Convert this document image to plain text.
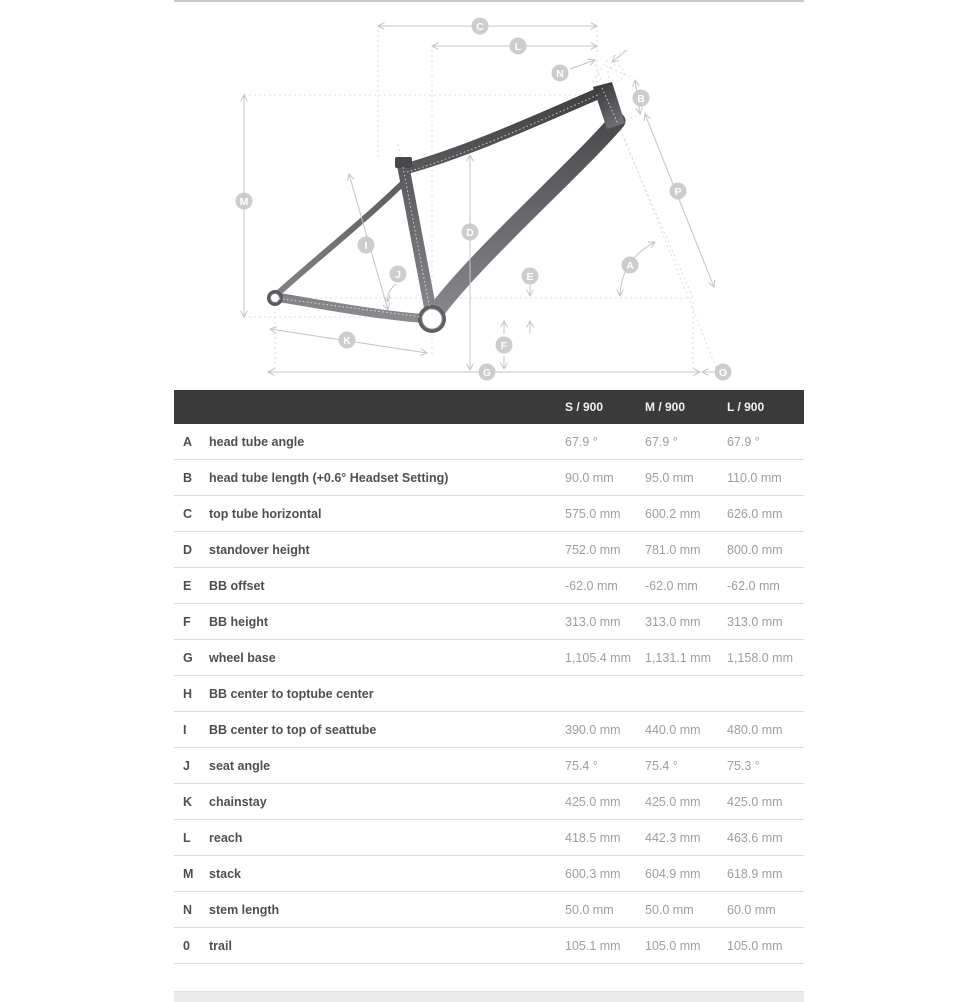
C
L
N
B
M
P
D
I
J	E
A
K	F
G	O
		S / 900	M / 900	L / 900
A	head tube angle	67.9 °	67.9 °	67.9 °
B	head tube length (+0.6° Headset Setting)	90.0 mm	95.0 mm	110.0 mm
C	top tube horizontal	575.0 mm	600.2 mm	626.0 mm
D	standover height	752.0 mm	781.0 mm	800.0 mm
E	BB offset	-62.0 mm	-62.0 mm	-62.0 mm
F	BB height	313.0 mm	313.0 mm	313.0 mm
G	wheel base	1,105.4 mm	1,131.1 mm	1,158.0 mm
H	BB center to toptube center			
I	BB center to top of seattube	390.0 mm	440.0 mm	480.0 mm
J	seat angle	75.4 °	75.4 °	75.3 °
K	chainstay	425.0 mm	425.0 mm	425.0 mm
L	reach	418.5 mm	442.3 mm	463.6 mm
M	stack	600.3 mm	604.9 mm	618.9 mm
N	stem length	50.0 mm	50.0 mm	60.0 mm
0	trail	105.1 mm	105.0 mm	105.0 mm
